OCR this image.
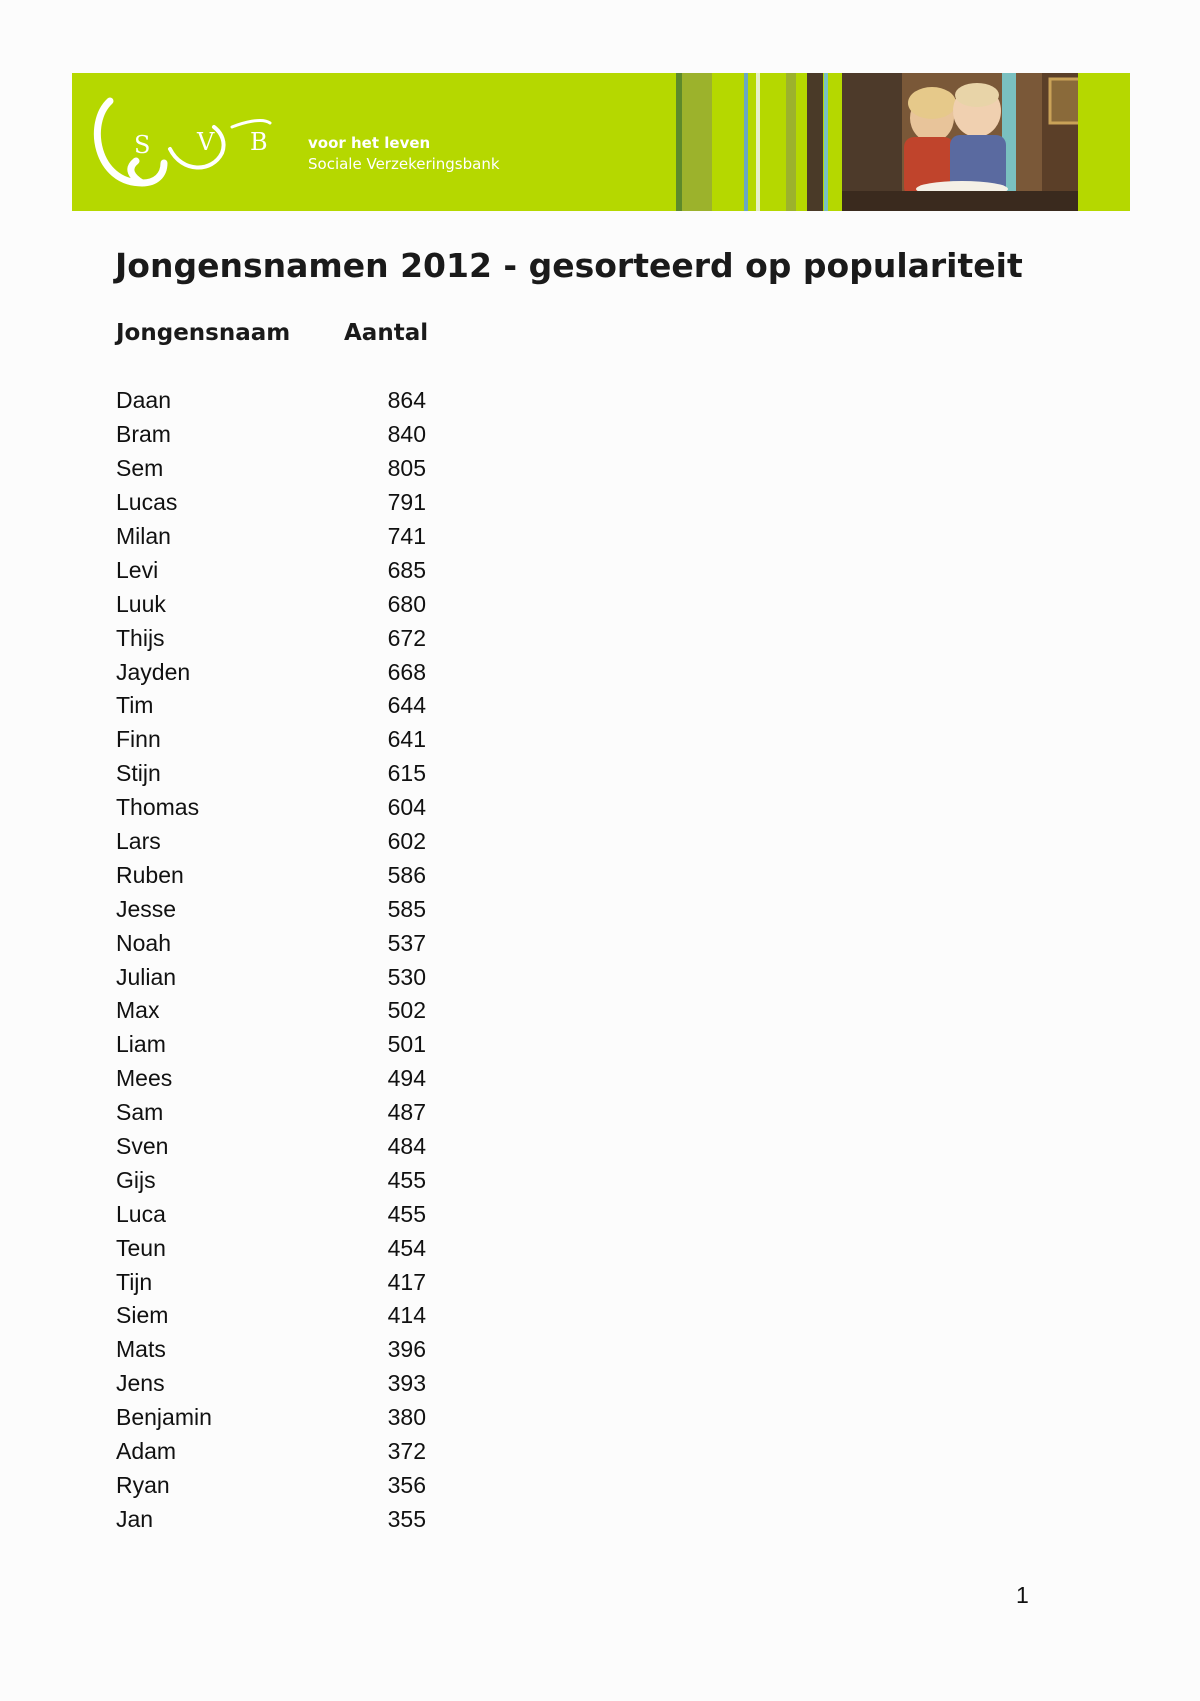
S V B	voor het leven
Sociale Verzekeringsbank
Jongensnamen 2012 - gesorteerd op populariteit
Jongensnaam Aantal
Daan	864
Bram	840
Sem	805
Lucas	791
Milan	741
Levi	685
Luuk	680
Thijs	672
Jayden	668
Tim	644
Finn	641
Stijn	615
Thomas	604
Lars	602
Ruben	586
Jesse	585
Noah	537
Julian	530
Max	502
Liam	501
Mees	494
Sam	487
Sven	484
Gijs	455
Luca	455
Teun	454
Tijn	417
Siem	414
Mats	396
Jens	393
Benjamin	380
Adam	372
Ryan	356
Jan	355
1
